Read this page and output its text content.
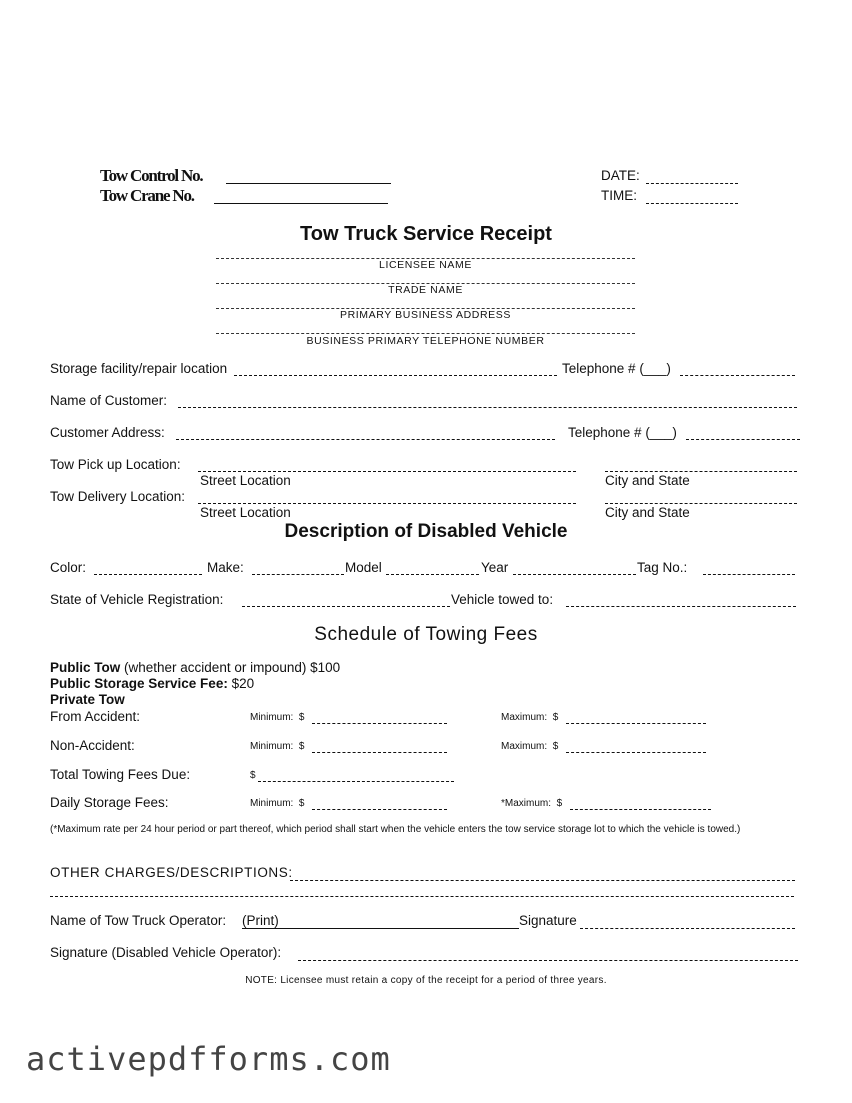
Tow Control No.
Tow Crane No.
DATE:
TIME:
Tow Truck Service Receipt
LICENSEE NAME
TRADE NAME
PRIMARY BUSINESS ADDRESS
BUSINESS PRIMARY TELEPHONE NUMBER
Storage facility/repair location	Telephone # (___)
Name of Customer:
Customer Address:	Telephone # (___)
Tow Pick up Location:
Street Location	City and State
Tow Delivery Location:
Street Location	City and State
Description of Disabled Vehicle
Color:	Make:	Model	Year	Tag No.:
State of Vehicle Registration:	Vehicle towed to:
Schedule of Towing Fees
Public Tow (whether accident or impound) $100
Public Storage Service Fee: $20
Private Tow
From Accident:	Minimum: $	Maximum: $
Non-Accident:	Minimum: $	Maximum: $
Total Towing Fees Due:	$
Daily Storage Fees:	Minimum: $	*Maximum: $
(*Maximum rate per 24 hour period or part thereof, which period shall start when the vehicle enters the tow service storage lot to which the vehicle is towed.)
OTHER CHARGES/DESCRIPTIONS:
Name of Tow Truck Operator: (Print)	Signature
Signature (Disabled Vehicle Operator):
NOTE: Licensee must retain a copy of the receipt for a period of three years.
activepdfforms.com
